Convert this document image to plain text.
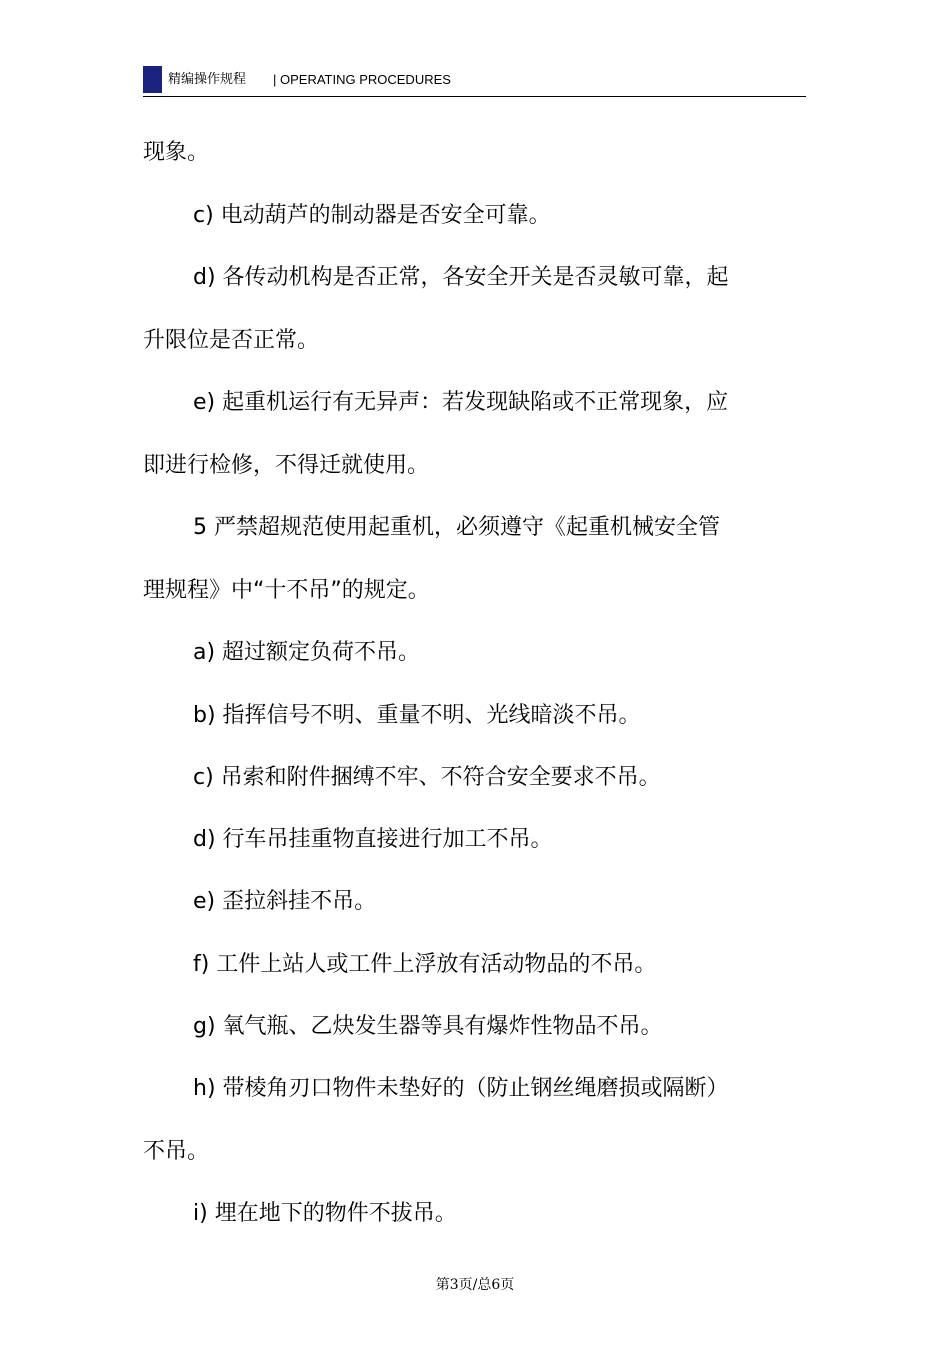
精编操作规程 | OPERATING PROCEDURES
现象。
c) 电动葫芦的制动器是否安全可靠。
d) 各传动机构是否正常，各安全开关是否灵敏可靠，起
升限位是否正常。
e) 起重机运行有无异声：若发现缺陷或不正常现象，应
即进行检修，不得迁就使用。
5 严禁超规范使用起重机，必须遵守《起重机械安全管
理规程》中“十不吊”的规定。
a) 超过额定负荷不吊。
b) 指挥信号不明、重量不明、光线暗淡不吊。
c) 吊索和附件捆缚不牢、不符合安全要求不吊。
d) 行车吊挂重物直接进行加工不吊。
e) 歪拉斜挂不吊。
f) 工件上站人或工件上浮放有活动物品的不吊。
g) 氧气瓶、乙炔发生器等具有爆炸性物品不吊。
h) 带棱角刃口物件未垫好的（防止钢丝绳磨损或隔断）
不吊。
i) 埋在地下的物件不拔吊。
第3页/总6页
